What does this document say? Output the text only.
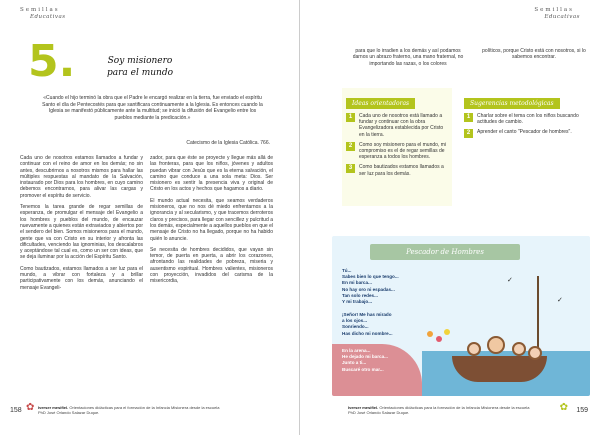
Semillas
Educativas
5.	Soy misionero
para el mundo
«Cuando el hijo terminó la obra que el Padre le encargó realizar en la tierra, fue enviado el espíritu Santo el día de Pentecostés para que santificara continuamente a la Iglesia. Es entonces cuando la Iglesia se manifestó públicamente ante la multitud; se inició la difusión del Evangelio entre los pueblos mediante la predicación.»
Catecismo de la Iglesia Católica. 766.

Cada uno de nosotros estamos llamados a fundar y continuar con el reino de amor en los demás; no sin antes, descubrirnos a nosotros mismos para hallar las múltiples respuestas al mandato de la Salvación, instaurado por Dios para los hombres, en cuyo camino debemos encontrarnos, para alivar las cargas y promover el espíritu de servicio.

Tenemos la tarea grande de regar semillas de esperanza, de promulgar el mensaje del Evangelio a los hombres y pueblos del mundo, de encauzar nuevamente a quienes están extraviados y abiertos por el sendero del bien. Somos misioneros para el mundo, gente que va con Cristo en su interior y afronta las dificultades, venciendo las ignominias, los descalabros y aceptándose tal cual es, como un ser con ideas, que se deja iluminar por la acción del Espíritu Santo.

Como bautizados, estamos llamados a ser luz para el mundo, a vibrar con fortaleza y a brillar participativamente con los demás, anunciando el mensaje Evangeli-

zador, para que éste se proyecte y llegue más allá de las fronteras, para que los niños, jóvenes y adultos puedan vibrar con Jesús que es la eterna salvación, el camino que conduce a una sola meta: Dios. Ser misionero es sentir la presencia viva y original de Cristo en los actos y hechos que hagamos a diario.

El mundo actual necesita, que seamos verdaderos misioneros, que no nos dé miedo enfrentarnos a la ignorancia y al secularismo, y que tracemos derroteros claros y precisos, para llegar con sencillez y pulcritud a los demás, especialmente a aquellos pueblos en que el mensaje de Cristo no ha llegado, porque no ha habido quién lo anuncie.

Se necesita de hombres decididos, que vayan sin temor, de puerta en puerta, a abrir los corazones, afrontando las realidades de pobreza, miseria y ausentismo espiritual. Hombres valientes, misioneros con proyección, invadidos del carisma de la misericordia,

158 ✿ Iverser mesifiel. Orientaciones didácticas para el formación de la Infancia Misionera desde la escuela
PhD José Orlando Salazar Duque.
Semillas
Educativas
para que lo irradien a los demás y así podamos darnos un abrazo fraterno, una mano fraternal, no importando las razas, o los colores
políticos, porque Cristo está con nosotros, si lo sabemos encontrar.
Ideas orientadoras
1	Cada uno de nosotros está llamado a fundar y continuar con la obra Evangelizadora establecida por Cristo en la tierra.
2	Como soy misionero para el mundo, mi compromiso es el de regar semillas de esperanza a todos los hombres.
3	Como bautizados estamos llamados a ser luz para los demás.
Sugerencias metodológicas
1	Charlar sobre el tema con los niños buscando actitudes de cambio.
2	Aprender el canto "Pescador de hombres".
159
✿
Iverser mesifiel. Orientaciones didácticas para la formación de la Infancia Misionera desde la escuela
PhD José Orlando Salazar Duque.
Pescador de Hombres
✓
✓
Tú...
Sabes bien lo que tengo...
En mi barca...
No hay oro ni espadas...
Tan solo redes...
Y mi trabajo...
¡Señor! Me has mirado
a los ojos...
Sonriendo...
Has dicho mi nombre...
En la arena...
He dejado mi barca...
Junto a ti...
Buscaré otro mar...
